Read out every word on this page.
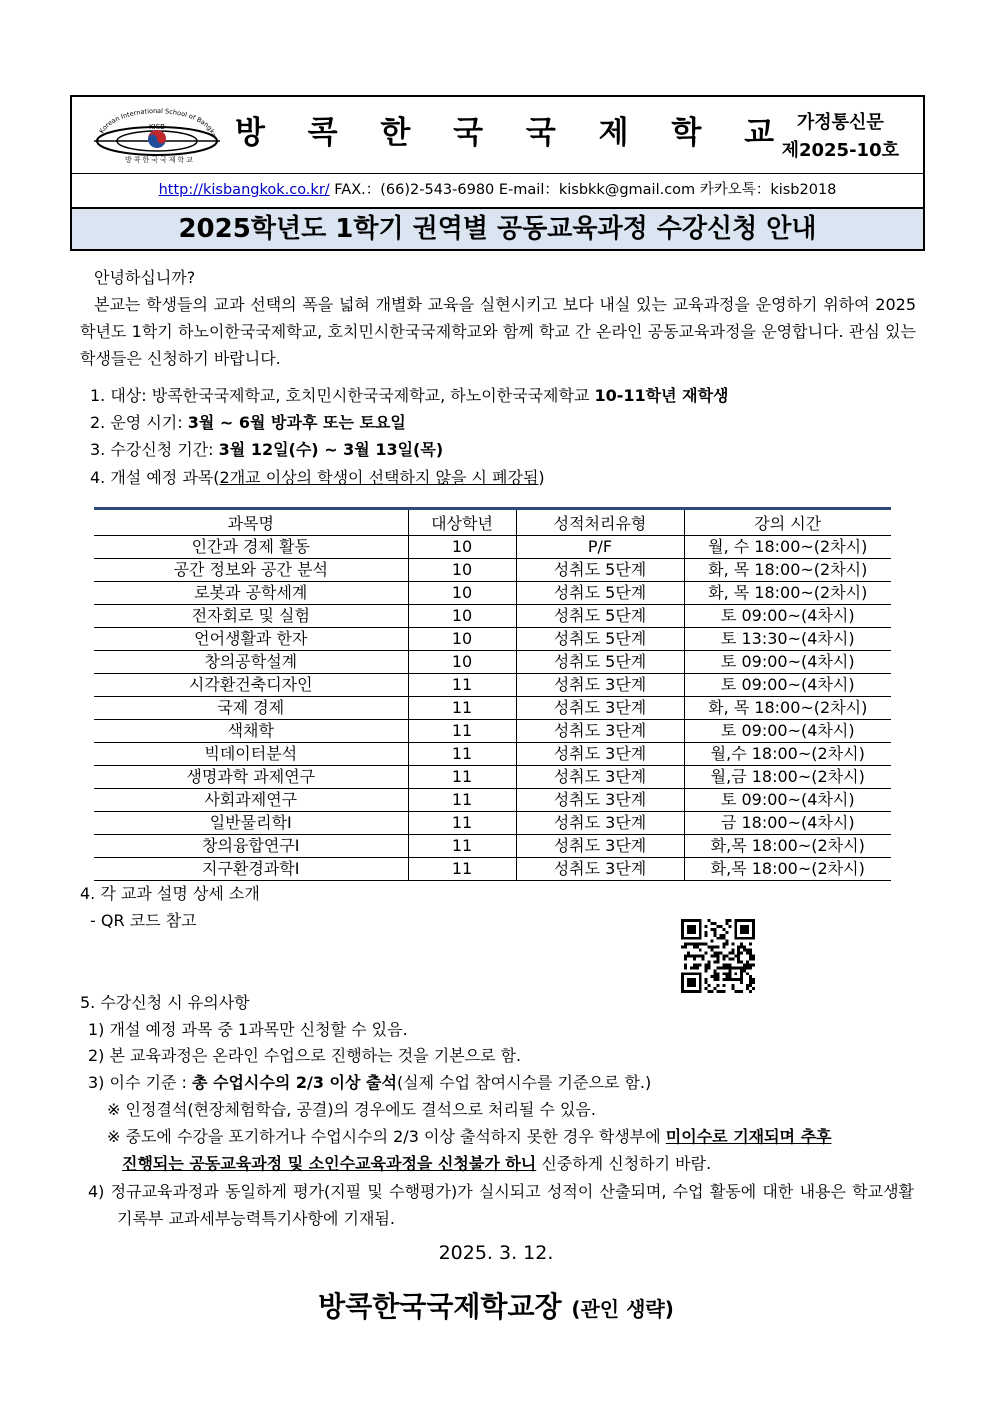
Korean International School of Bangko
KISB
방콕한국국제학교
방 콕 한 국 국 제 학 교 가정통신문
제2025-10호
http://kisbangkok.co.kr/ FAX.：(66)2-543-6980 E-mail：kisbkk@gmail.com 카카오톡：kisb2018
2025학년도 1학기 권역별 공동교육과정 수강신청 안내
안녕하십니까?
본교는 학생들의 교과 선택의 폭을 넓혀 개별화 교육을 실현시키고 보다 내실 있는 교육과정을 운영하기 위하여 2025학년도 1학기 하노이한국국제학교, 호치민시한국국제학교와 함께 학교 간 온라인 공동교육과정을 운영합니다. 관심 있는 학생들은 신청하기 바랍니다.
1. 대상: 방콕한국국제학교, 호치민시한국국제학교, 하노이한국국제학교 10-11학년 재학생
2. 운영 시기: 3월 ~ 6월 방과후 또는 토요일
3. 수강신청 기간: 3월 12일(수) ~ 3월 13일(목)
4. 개설 예정 과목(2개교 이상의 학생이 선택하지 않을 시 폐강됨)
과목명	대상학년	성적처리유형	강의 시간
인간과 경제 활동	10	P/F	월, 수 18:00~(2차시)
공간 정보와 공간 분석	10	성취도 5단계	화, 목 18:00~(2차시)
로봇과 공학세계	10	성취도 5단계	화, 목 18:00~(2차시)
전자회로 및 실험	10	성취도 5단계	토 09:00~(4차시)
언어생활과 한자	10	성취도 5단계	토 13:30~(4차시)
창의공학설계	10	성취도 5단계	토 09:00~(4차시)
시각환건축디자인	11	성취도 3단계	토 09:00~(4차시)
국제 경제	11	성취도 3단계	화, 목 18:00~(2차시)
색채학	11	성취도 3단계	토 09:00~(4차시)
빅데이터분석	11	성취도 3단계	월,수 18:00~(2차시)
생명과학 과제연구	11	성취도 3단계	월,금 18:00~(2차시)
사회과제연구	11	성취도 3단계	토 09:00~(4차시)
일반물리학Ⅰ	11	성취도 3단계	금 18:00~(4차시)
창의융합연구Ⅰ	11	성취도 3단계	화,목 18:00~(2차시)
지구환경과학Ⅰ	11	성취도 3단계	화,목 18:00~(2차시)
4. 각 교과 설명 상세 소개
- QR 코드 참고
5. 수강신청 시 유의사항
1) 개설 예정 과목 중 1과목만 신청할 수 있음.
2) 본 교육과정은 온라인 수업으로 진행하는 것을 기본으로 함.
3) 이수 기준 : 총 수업시수의 2/3 이상 출석(실제 수업 참여시수를 기준으로 함.)
※ 인정결석(현장체험학습, 공결)의 경우에도 결석으로 처리될 수 있음.
※ 중도에 수강을 포기하거나 수업시수의 2/3 이상 출석하지 못한 경우 학생부에 미이수로 기재되며 추후
진행되는 공동교육과정 및 소인수교육과정을 신청불가 하니 신중하게 신청하기 바람.
4) 정규교육과정과 동일하게 평가(지필 및 수행평가)가 실시되고 성적이 산출되며, 수업 활동에 대한 내용은 학교생활기록부 교과세부능력특기사항에 기재됨.
2025. 3. 12.
방콕한국국제학교장 (관인 생략)
